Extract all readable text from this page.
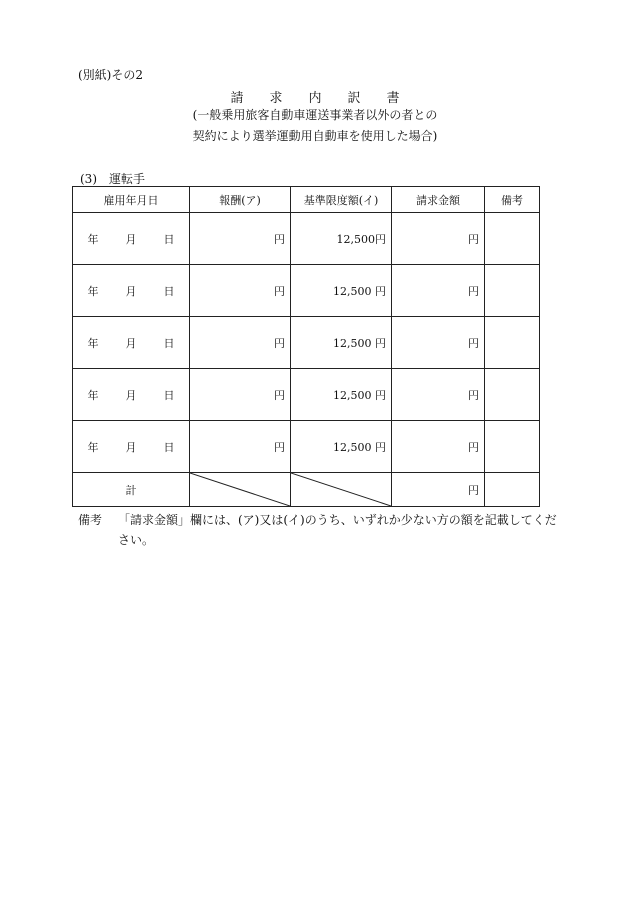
(別紙)その2
請 求 内 訳 書
(一般乗用旅客自動車運送事業者以外の者との
契約により選挙運動用自動車を使用した場合)
(3) 運転手
雇用年月日	報酬(ア)	基準限度額(イ)	請求金額	備考
年 月 日	円	12,500円	円	
年 月 日	円	12,500 円	円	
年 月 日	円	12,500 円	円	
年 月 日	円	12,500 円	円	
年 月 日	円	12,500 円	円	
計			円	
備考 「請求金額」欄には、(ア)又は(イ)のうち、いずれか少ない方の額を記載してください。
